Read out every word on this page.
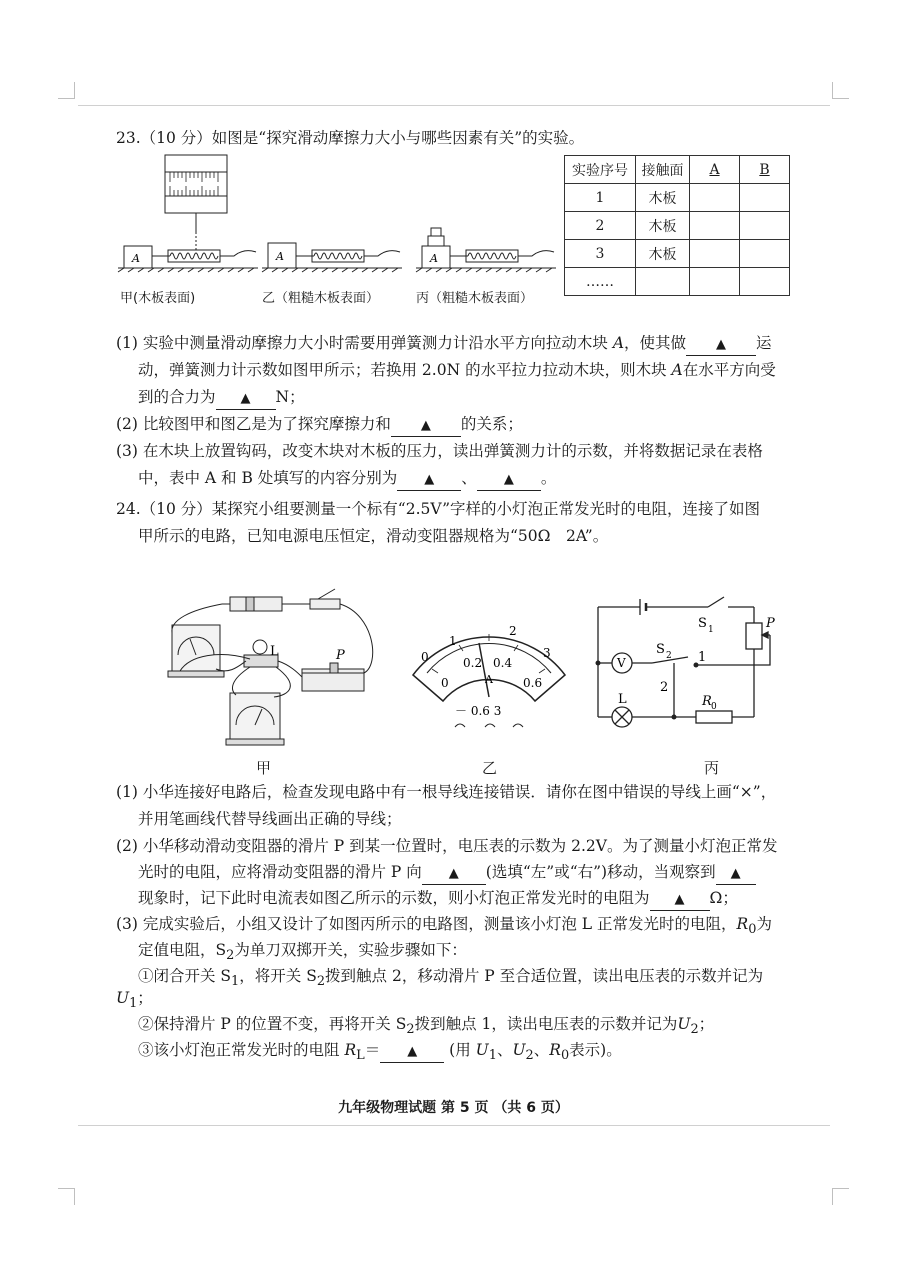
23.（10 分）如图是“探究滑动摩擦力大小与哪些因素有关”的实验。
A	A	A
甲(木板表面)	乙（粗糙木板表面）	丙（粗糙木板表面）
实验序号	接触面	A	B
1	木板		
2	木板		
3	木板		
……			
(1) 实验中测量滑动摩擦力大小时需要用弹簧测力计沿水平方向拉动木块 A，使其做 ▲ 运
动，弹簧测力计示数如图甲所示；若换用 2.0N 的水平拉力拉动木块，则木块 A在水平方向受
到的合力为 ▲ N；
(2) 比较图甲和图乙是为了探究摩擦力和 ▲ 的关系；
(3) 在木块上放置钩码，改变木块对木板的压力，读出弹簧测力计的示数，并将数据记录在表格
中，表中 A 和 B 处填写的内容分别为 ▲ 、 ▲ 。
24.（10 分）某探究小组要测量一个标有“2.5V”字样的小灯泡正常发光时的电阻，连接了如图
甲所示的电路，已知电源电压恒定，滑动变阻器规格为“50Ω　2A”。
L	P	0
1
2
3
0
0.2 0.4
0.6
A
－ 0.6 3
V
L
S 1
S 2
P
1
2
R 0
甲	乙	丙
(1) 小华连接好电路后，检查发现电路中有一根导线连接错误．请你在图中错误的导线上画“×”，
并用笔画线代替导线画出正确的导线；
(2) 小华移动滑动变阻器的滑片 P 到某一位置时，电压表的示数为 2.2V。为了测量小灯泡正常发
光时的电阻，应将滑动变阻器的滑片 P 向 ▲ (选填“左”或“右”)移动，当观察到 ▲
现象时，记下此时电流表如图乙所示的示数，则小灯泡正常发光时的电阻为 ▲ Ω；
(3) 完成实验后，小组又设计了如图丙所示的电路图，测量该小灯泡 L 正常发光时的电阻，$R_0$为
定值电阻，$S_2$为单刀双掷开关，实验步骤如下：
①闭合开关 $S_1$，将开关 $S_2$拨到触点 2，移动滑片 P 至合适位置，读出电压表的示数并记为
$U_1$；
②保持滑片 P 的位置不变，再将开关 $S_2$拨到触点 1，读出电压表的示数并记为$U_2$；
③该小灯泡正常发光时的电阻 $R_L=$ ▲ (用 $U_1$、$U_2$、$R_0$表示)。
九年级物理试题 第 5 页 （共 6 页）
